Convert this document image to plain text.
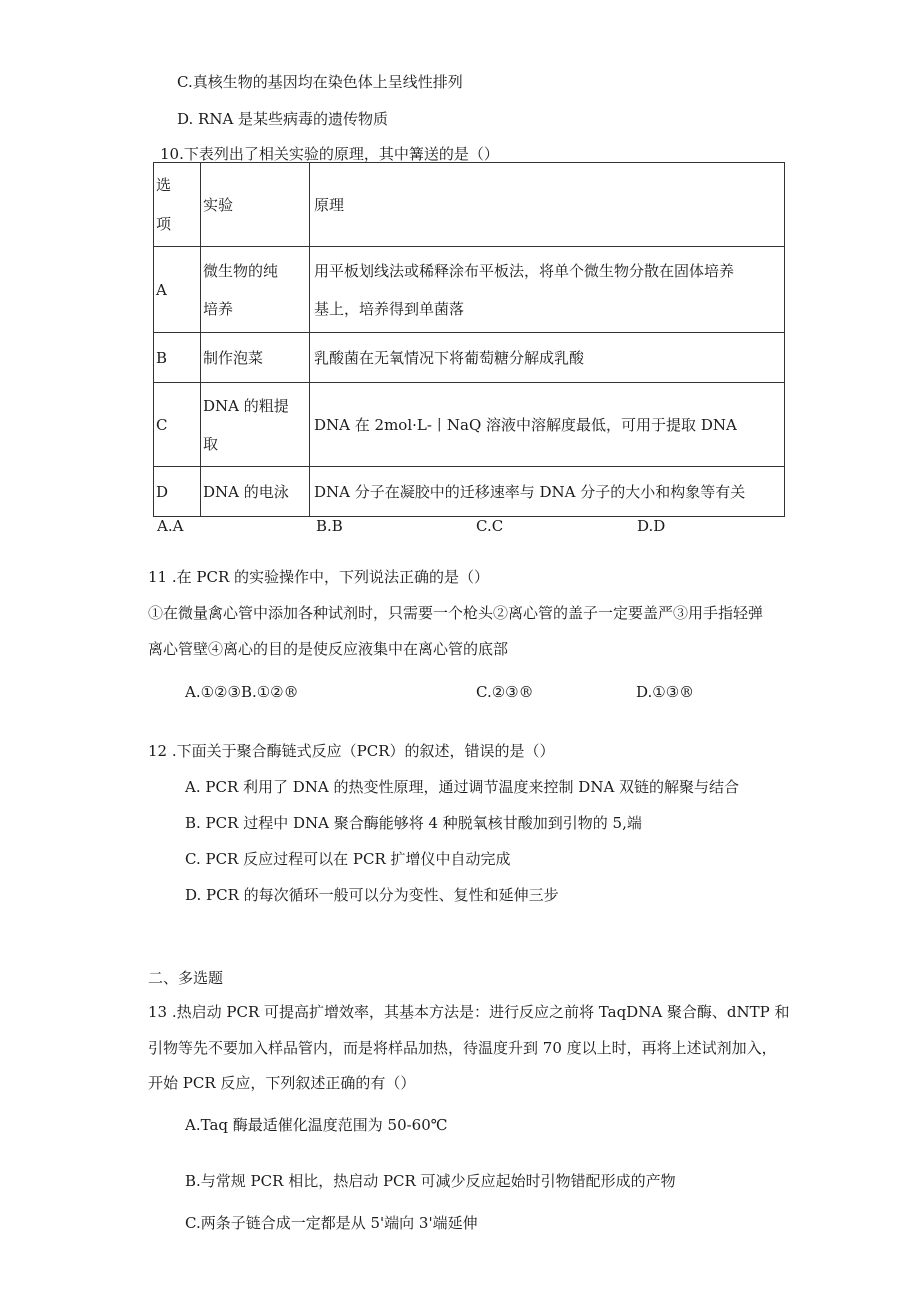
C.真核生物的基因均在染色体上呈线性排列
D. RNA 是某些病毒的遗传物质
10.下表列出了相关实验的原理，其中篝送的是（）
选
项	实验	原理

A	微生物的纯
培养	用平板划线法或稀释涂布平板法，将单个微生物分散在固体培养
基上，培养得到单菌落

B	制作泡菜	乳酸菌在无氧情况下将葡萄糖分解成乳酸

C	DNA 的粗提
取	DNA 在 2mol·L-丨NaQ 溶液中溶解度最低，可用于提取 DNA

D	DNA 的电泳	DNA 分子在凝胶中的迁移速率与 DNA 分子的大小和构象等有关
A.A	B.B	C.C	D.D
11 .在 PCR 的实验操作中，下列说法正确的是（）
①在微量禽心管中添加各种试剂时，只需要一个枪头②离心管的盖子一定要盖严③用手指轻弹
离心管壁④离心的目的是使反应液集中在离心管的底部
A.①②③B.①②®	C.②③®	D.①③®
12 .下面关于聚合酶链式反应（PCR）的叙述，错误的是（）
A. PCR 利用了 DNA 的热变性原理，通过调节温度来控制 DNA 双链的解聚与结合
B. PCR 过程中 DNA 聚合酶能够将 4 种脱氧核甘酸加到引物的 5,端
C. PCR 反应过程可以在 PCR 扩增仪中自动完成
D. PCR 的每次循环一般可以分为变性、复性和延伸三步
二、多选题
13 .热启动 PCR 可提高扩增效率，其基本方法是：进行反应之前将 TaqDNA 聚合酶、dNTP 和
引物等先不要加入样品管内，而是将样品加热，待温度升到 70 度以上时，再将上述试剂加入，
开始 PCR 反应，下列叙述正确的有（）
A.Taq 酶最适催化温度范围为 50-60℃
B.与常规 PCR 相比，热启动 PCR 可减少反应起始时引物错配形成的产物
C.两条子链合成一定都是从 5'端向 3'端延伸
